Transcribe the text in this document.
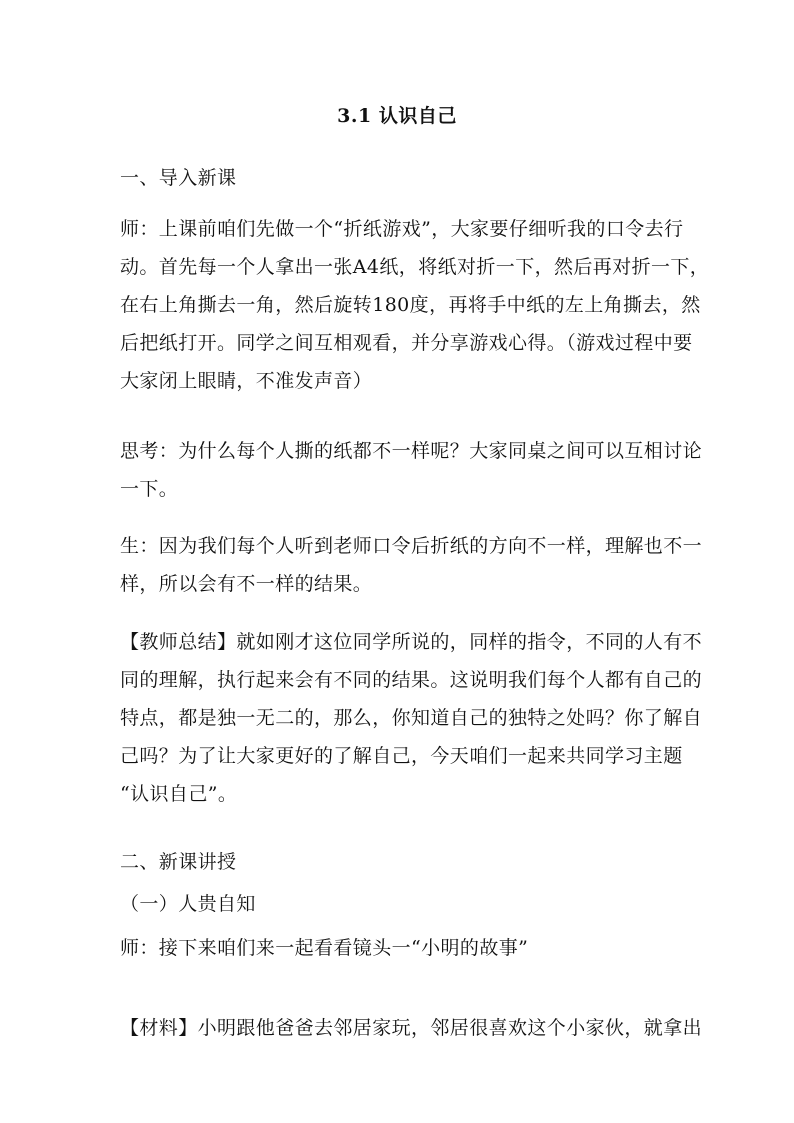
3.1 认识自己
一、导入新课
师：上课前咱们先做一个“折纸游戏”，大家要仔细听我的口令去行
动。首先每一个人拿出一张A4纸，将纸对折一下，然后再对折一下，
在右上角撕去一角，然后旋转180度，再将手中纸的左上角撕去，然
后把纸打开。同学之间互相观看，并分享游戏心得。（游戏过程中要
大家闭上眼睛，不准发声音）
思考：为什么每个人撕的纸都不一样呢？大家同桌之间可以互相讨论
一下。
生：因为我们每个人听到老师口令后折纸的方向不一样，理解也不一
样，所以会有不一样的结果。
【教师总结】就如刚才这位同学所说的，同样的指令，不同的人有不
同的理解，执行起来会有不同的结果。这说明我们每个人都有自己的
特点，都是独一无二的，那么，你知道自己的独特之处吗？你了解自
己吗？为了让大家更好的了解自己，今天咱们一起来共同学习主题
“认识自己”。
二、新课讲授
（一）人贵自知
师：接下来咱们来一起看看镜头一“小明的故事”
【材料】小明跟他爸爸去邻居家玩，邻居很喜欢这个小家伙，就拿出
